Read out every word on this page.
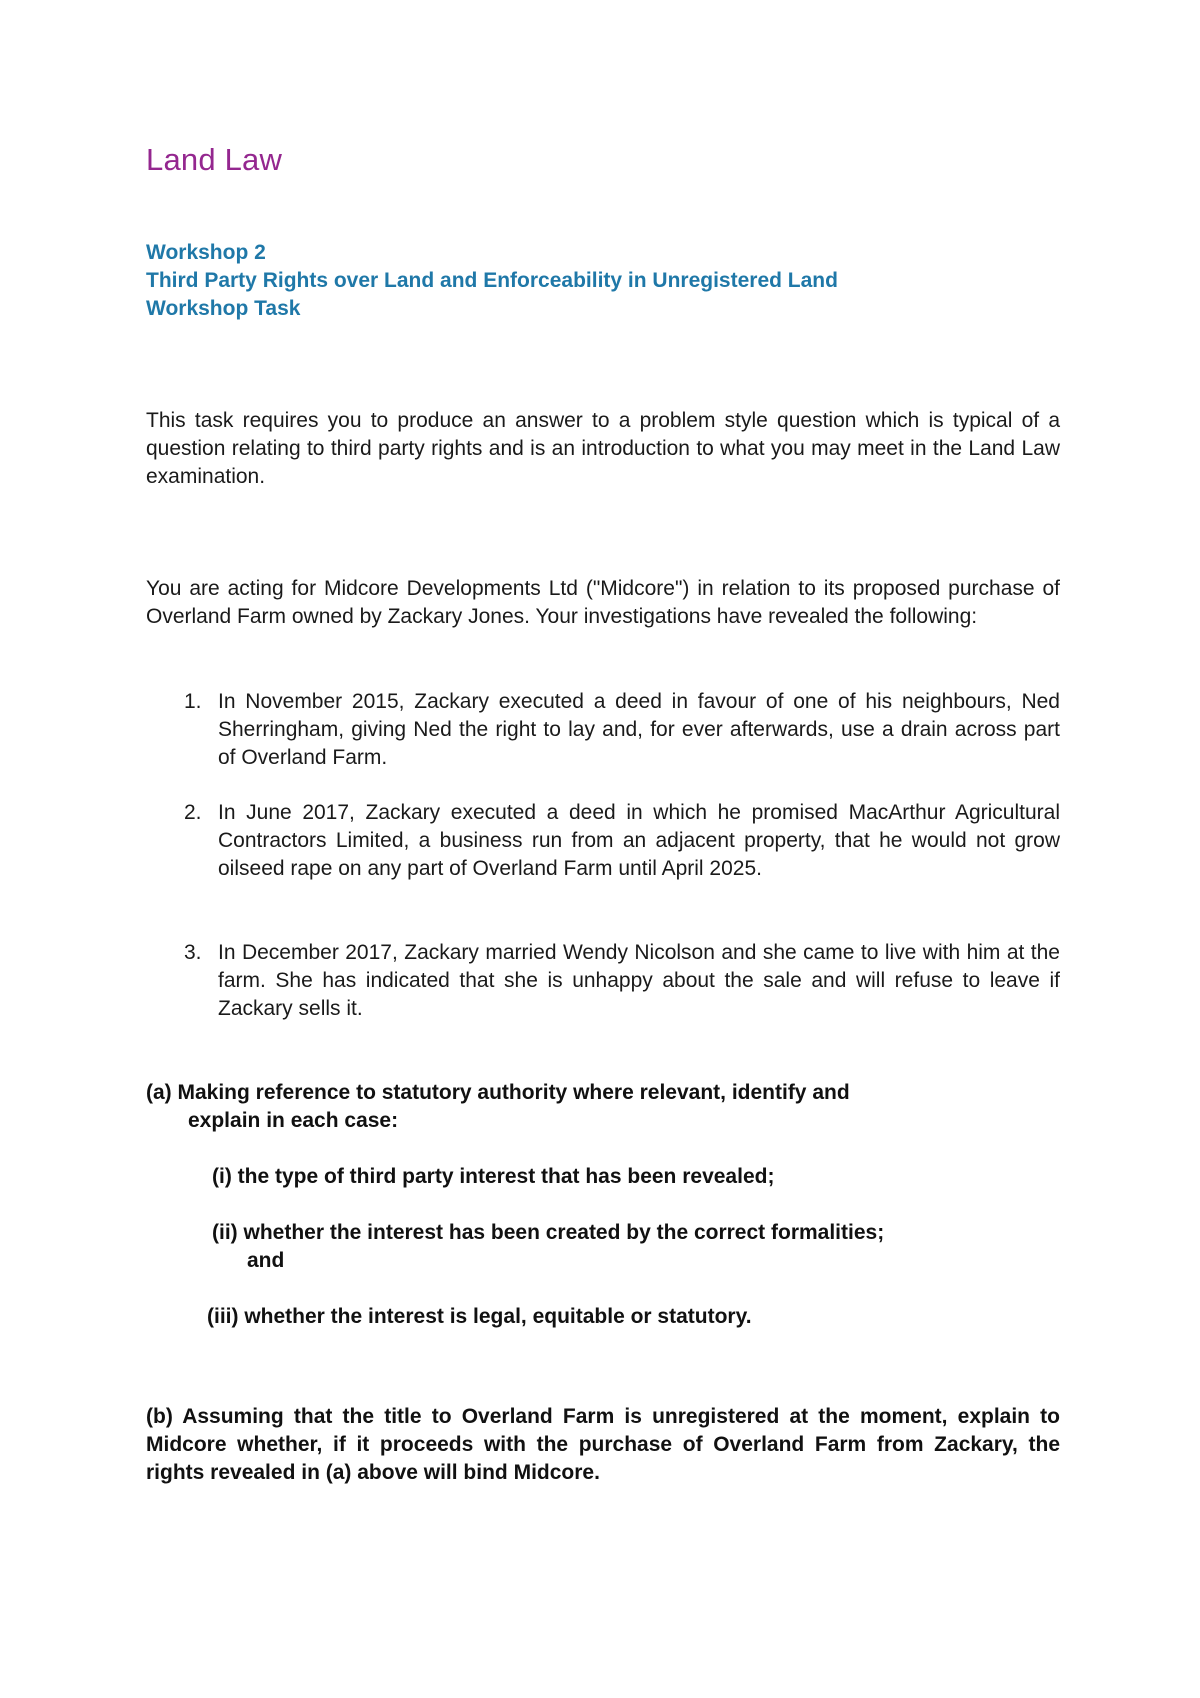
Land Law

Workshop 2

Third Party Rights over Land and Enforceability in Unregistered Land

Workshop Task

This task requires you to produce an answer to a problem style question which is typical of a question relating to third party rights and is an introduction to what you may meet in the Land Law examination.

You are acting for Midcore Developments Ltd ("Midcore") in relation to its proposed purchase of Overland Farm owned by Zackary Jones. Your investigations have revealed the following:

1. In November 2015, Zackary executed a deed in favour of one of his neighbours, Ned Sherringham, giving Ned the right to lay and, for ever afterwards, use a drain across part of Overland Farm.

2. In June 2017, Zackary executed a deed in which he promised MacArthur Agricultural Contractors Limited, a business run from an adjacent property, that he would not grow oilseed rape on any part of Overland Farm until April 2025.

3. In December 2017, Zackary married Wendy Nicolson and she came to live with him at the farm. She has indicated that she is unhappy about the sale and will refuse to leave if Zackary sells it.

(a) Making reference to statutory authority where relevant, identify and

explain in each case:

(i) the type of third party interest that has been revealed;

(ii) whether the interest has been created by the correct formalities;

and

(iii) whether the interest is legal, equitable or statutory.

(b) Assuming that the title to Overland Farm is unregistered at the moment, explain to Midcore whether, if it proceeds with the purchase of Overland Farm from Zackary, the rights revealed in (a) above will bind Midcore.
